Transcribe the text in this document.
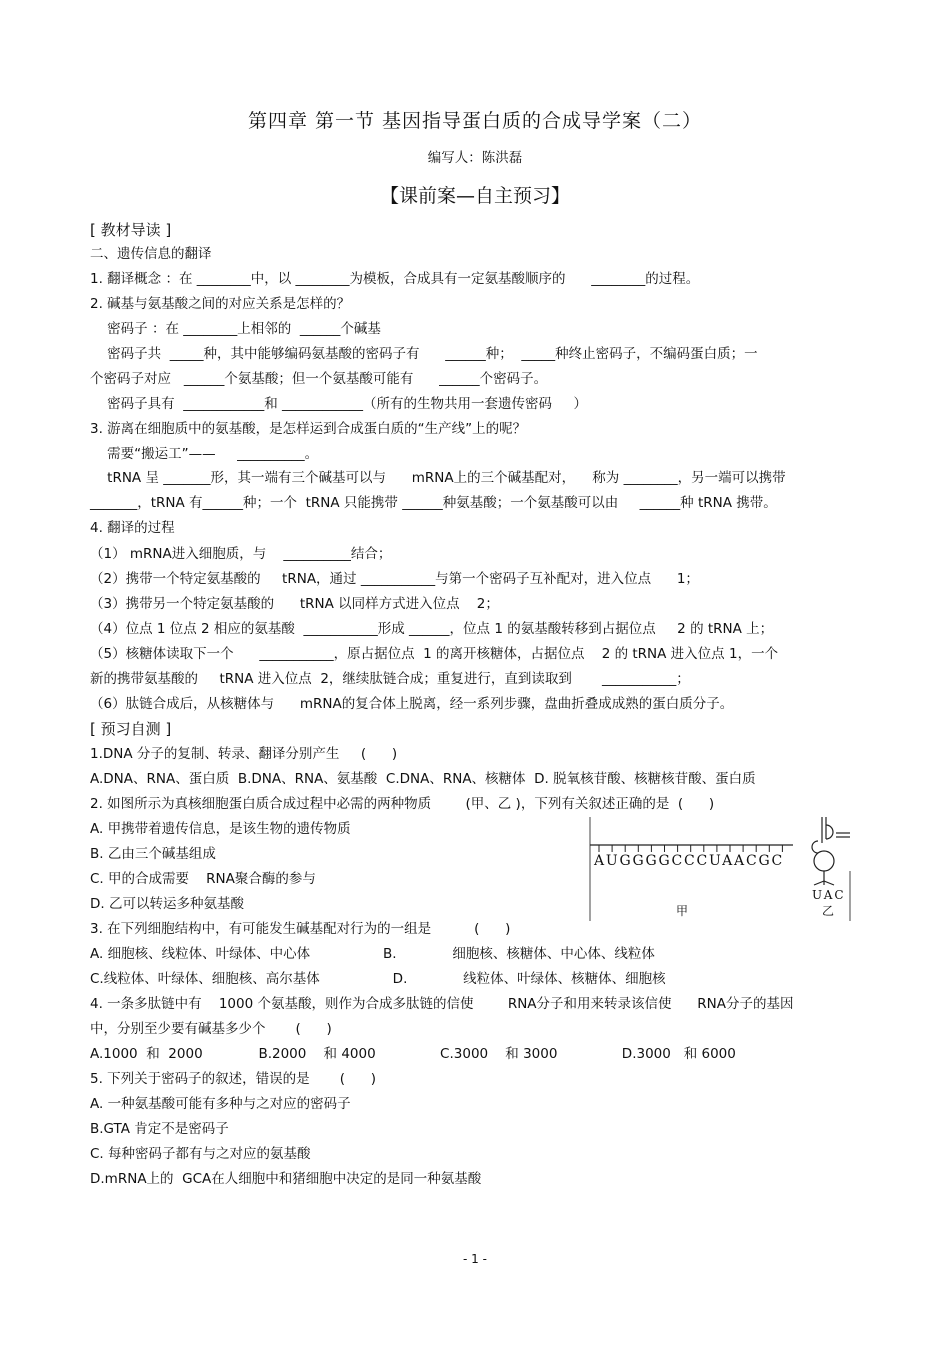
第四章 第一节 基因指导蛋白质的合成导学案（二）
编写人：陈洪磊
【课前案—自主预习】
[ 教材导读 ]
二、遗传信息的翻译
1. 翻译概念 ：在 ________中，以 ________为模板，合成具有一定氨基酸顺序的      ________的过程。
2. 碱基与氨基酸之间的对应关系是怎样的？
密码子 ：在 ________上相邻的  ______个碱基
密码子共  _____种，其中能够编码氨基酸的密码子有      ______种；  _____种终止密码子，不编码蛋白质；一
个密码子对应   ______个氨基酸；但一个氨基酸可能有      ______个密码子。
密码子具有  ____________和 ____________（所有的生物共用一套遗传密码     ）
3. 游离在细胞质中的氨基酸，是怎样运到合成蛋白质的“生产线”上的呢？
需要“搬运工”——     __________。
tRNA 呈 _______形，其一端有三个碱基可以与      mRNA上的三个碱基配对，    称为 ________，另一端可以携带
_______，tRNA 有______种；一个  tRNA 只能携带 ______种氨基酸；一个氨基酸可以由     ______种 tRNA 携带。
4. 翻译的过程
（1） mRNA进入细胞质，与    __________结合；
（2）携带一个特定氨基酸的     tRNA，通过 ___________与第一个密码子互补配对，进入位点      1；
（3）携带另一个特定氨基酸的      tRNA 以同样方式进入位点    2；
（4）位点 1 位点 2 相应的氨基酸  ___________形成 ______，位点 1 的氨基酸转移到占据位点     2 的 tRNA 上；
（5）核糖体读取下一个      ___________，原占据位点  1 的离开核糖体，占据位点    2 的 tRNA 进入位点 1，一个
新的携带氨基酸的     tRNA 进入位点  2，继续肽链合成；重复进行，直到读取到       ___________；
（6）肽链合成后，从核糖体与      mRNA的复合体上脱离，经一系列步骤，盘曲折叠成成熟的蛋白质分子。
[ 预习自测 ]
1.DNA 分子的复制、转录、翻译分别产生     (      )
A.DNA、RNA、蛋白质  B.DNA、RNA、氨基酸  C.DNA、RNA、核糖体  D. 脱氧核苷酸、核糖核苷酸、蛋白质
2. 如图所示为真核细胞蛋白质合成过程中必需的两种物质        (甲、乙 )，下列有关叙述正确的是  (      )
A. 甲携带着遗传信息，是该生物的遗传物质
B. 乙由三个碱基组成
C. 甲的合成需要    RNA聚合酶的参与
D. 乙可以转运多种氨基酸
3. 在下列细胞结构中，有可能发生碱基配对行为的一组是          (      )
A. 细胞核、线粒体、叶绿体、中心体                 B.             细胞核、核糖体、中心体、线粒体
C.线粒体、叶绿体、细胞核、高尔基体                 D.             线粒体、叶绿体、核糖体、细胞核
4. 一条多肽链中有    1000 个氨基酸，则作为合成多肽链的信使        RNA分子和用来转录该信使      RNA分子的基因
中，分别至少要有碱基多少个       (      )
A.1000  和  2000             B.2000    和 4000               C.3000    和 3000               D.3000   和 6000
5. 下列关于密码子的叙述，错误的是       (      )
A. 一种氨基酸可能有多种与之对应的密码子
B.GTA 肯定不是密码子
C. 每种密码子都有与之对应的氨基酸
D.mRNA上的  GCA在人细胞中和猪细胞中决定的是同一种氨基酸
AUGGGGCCCUAACGC
甲
UAC
乙
- 1 -
